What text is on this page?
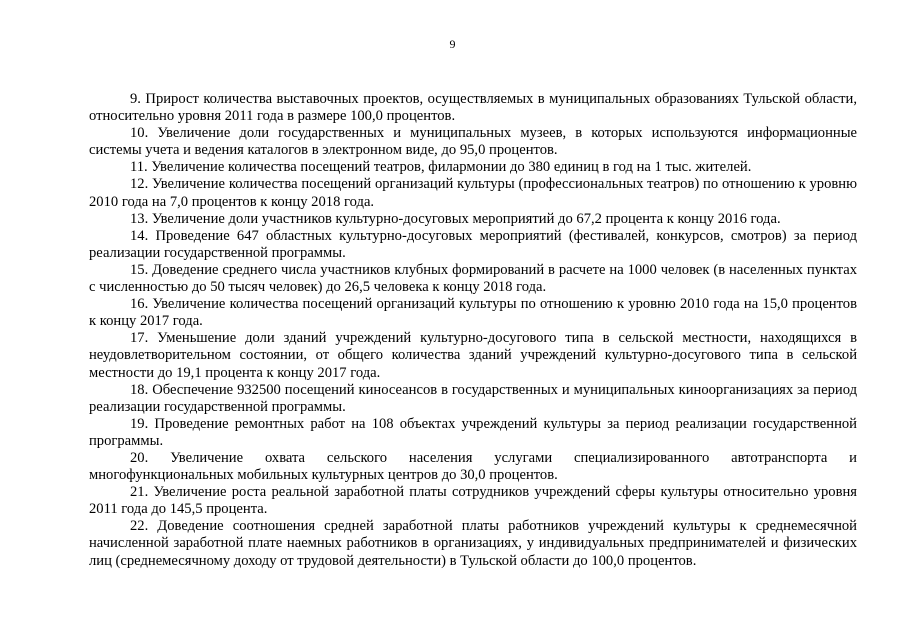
9

9. Прирост количества выставочных проектов, осуществляемых в муниципальных образованиях Тульской области, относительно уровня 2011 года в размере 100,0 процентов.

10. Увеличение доли государственных и муниципальных музеев, в которых используются информационные системы учета и ведения каталогов в электронном виде, до 95,0 процентов.

11. Увеличение количества посещений театров, филармонии до 380 единиц в год на 1 тыс. жителей.

12. Увеличение количества посещений организаций культуры (профессиональных театров) по отношению к уровню 2010 года на 7,0 процентов к концу 2018 года.

13. Увеличение доли участников культурно-досуговых мероприятий до 67,2 процента к концу 2016 года.

14. Проведение 647 областных культурно-досуговых мероприятий (фестивалей, конкурсов, смотров) за период реализации государственной программы.

15. Доведение среднего числа участников клубных формирований в расчете на 1000 человек (в населенных пунктах с численностью до 50 тысяч человек) до 26,5 человека к концу 2018 года.

16. Увеличение количества посещений организаций культуры по отношению к уровню 2010 года на 15,0 процентов к концу 2017 года.

17. Уменьшение доли зданий учреждений культурно-досугового типа в сельской местности, находящихся в неудовлетворительном состоянии, от общего количества зданий учреждений культурно-досугового типа в сельской местности до 19,1 процента к концу 2017 года.

18. Обеспечение 932500 посещений киносеансов в государственных и муниципальных киноорганизациях за период реализации государственной программы.

19. Проведение ремонтных работ на 108 объектах учреждений культуры за период реализации государственной программы.

20. Увеличение охвата сельского населения услугами специализированного автотранспорта и многофункциональных мобильных культурных центров до 30,0 процентов.

21. Увеличение роста реальной заработной платы сотрудников учреждений сферы культуры относительно уровня 2011 года до 145,5 процента.

22. Доведение соотношения средней заработной платы работников учреждений культуры к среднемесячной начисленной заработной плате наемных работников в организациях, у индивидуальных предпринимателей и физических лиц (среднемесячному доходу от трудовой деятельности) в Тульской области до 100,0 процентов.
